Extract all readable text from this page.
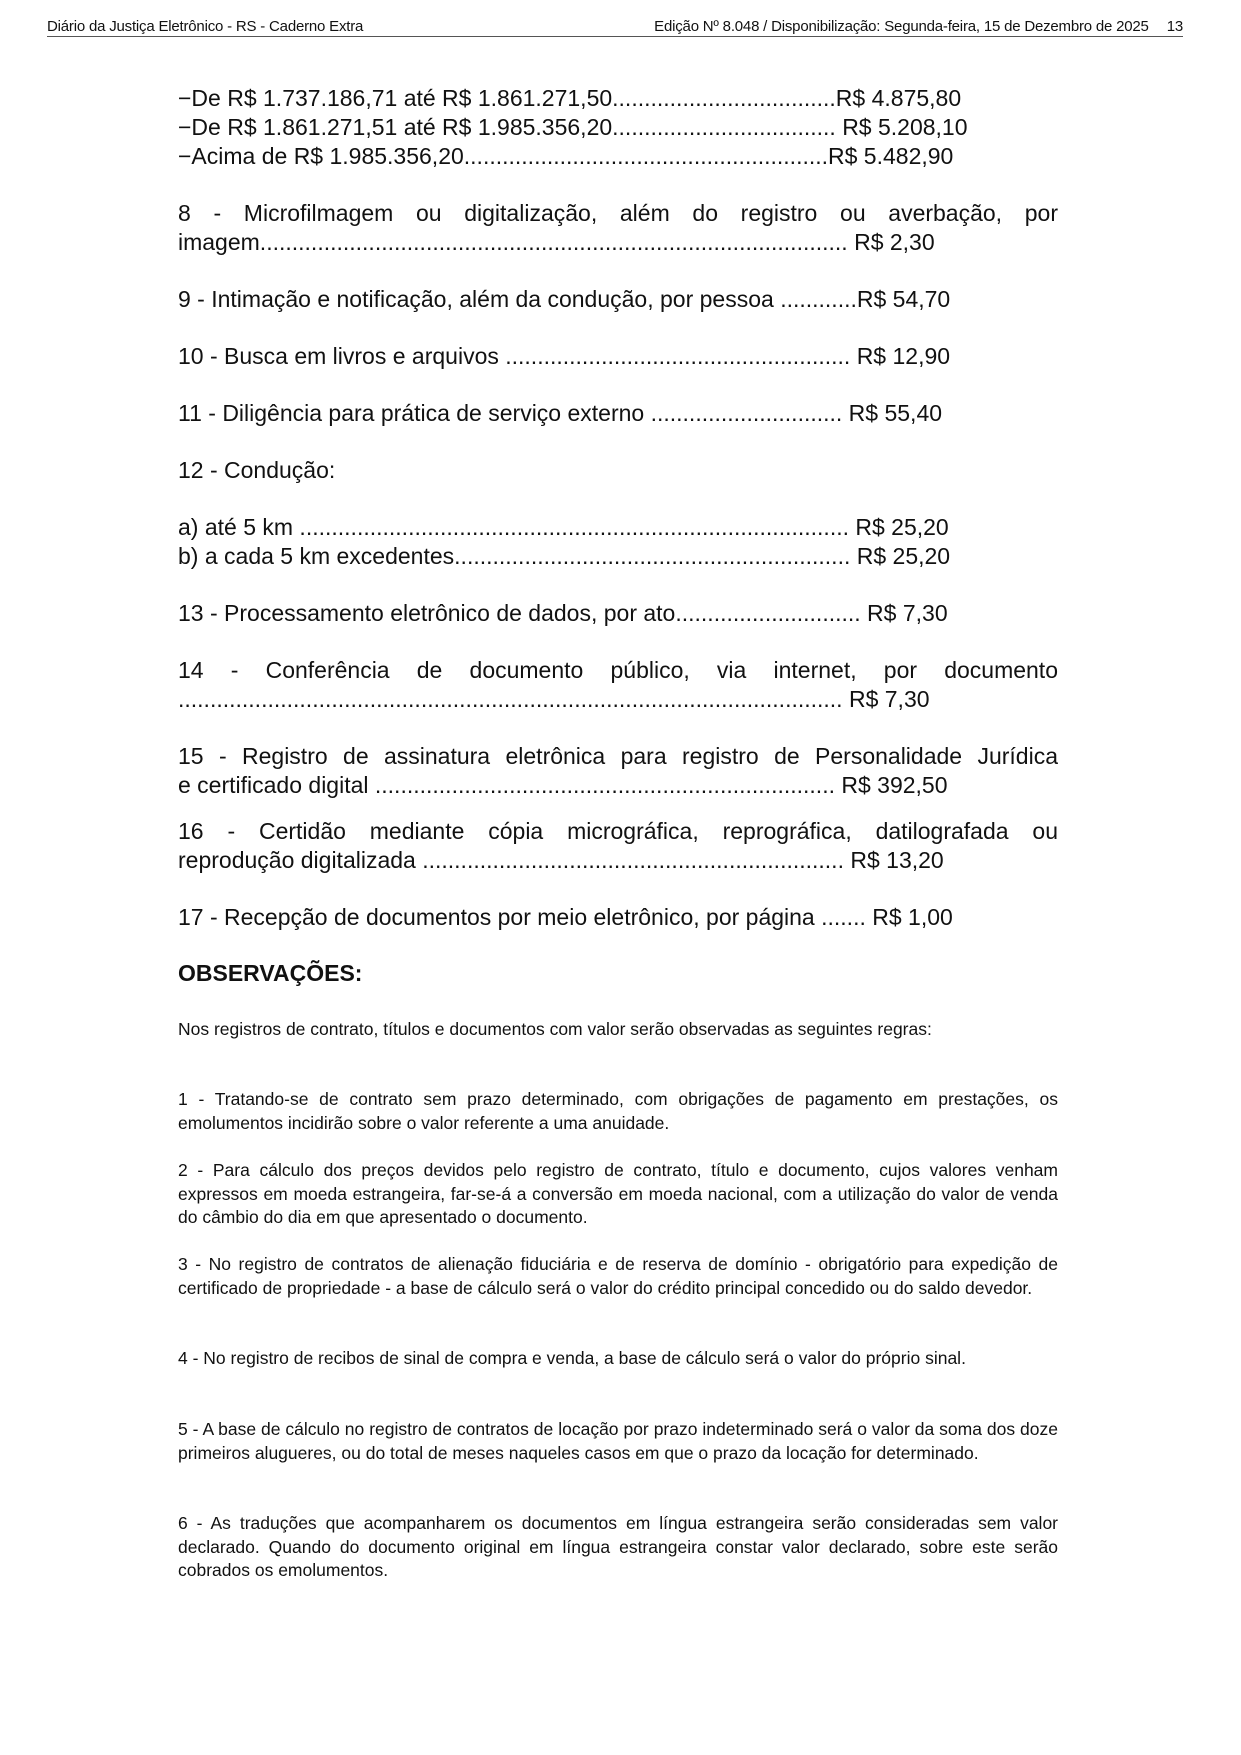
Diário da Justiça Eletrônico - RS - Caderno Extra	Edição Nº 8.048 / Disponibilização: Segunda-feira, 15 de Dezembro de 2025 13
−De R$ 1.737.186,71 até R$ 1.861.271,50...................................R$ 4.875,80
−De R$ 1.861.271,51 até R$ 1.985.356,20................................... R$ 5.208,10
−Acima de R$ 1.985.356,20.........................................................R$ 5.482,90
8 - Microfilmagem ou digitalização, além do registro ou averbação, por
imagem............................................................................................ R$ 2,30
9 - Intimação e notificação, além da condução, por pessoa ............R$ 54,70
10 - Busca em livros e arquivos ...................................................... R$ 12,90
11 - Diligência para prática de serviço externo .............................. R$ 55,40
12 - Condução:
a) até 5 km ...................................................................................... R$ 25,20
b) a cada 5 km excedentes.............................................................. R$ 25,20
13 - Processamento eletrônico de dados, por ato............................. R$ 7,30
14 - Conferência de documento público, via internet, por documento
........................................................................................................ R$ 7,30
15 - Registro de assinatura eletrônica para registro de Personalidade Jurídica
e certificado digital ........................................................................ R$ 392,50
16 - Certidão mediante cópia micrográfica, reprográfica, datilografada ou
reprodução digitalizada .................................................................. R$ 13,20
17 - Recepção de documentos por meio eletrônico, por página ....... R$ 1,00
OBSERVAÇÕES:
Nos registros de contrato, títulos e documentos com valor serão observadas as seguintes regras:
1 - Tratando-se de contrato sem prazo determinado, com obrigações de pagamento em prestações, os emolumentos incidirão sobre o valor referente a uma anuidade.
2 - Para cálculo dos preços devidos pelo registro de contrato, título e documento, cujos valores venham expressos em moeda estrangeira, far-se-á a conversão em moeda nacional, com a utilização do valor de venda do câmbio do dia em que apresentado o documento.
3 - No registro de contratos de alienação fiduciária e de reserva de domínio - obrigatório para expedição de certificado de propriedade - a base de cálculo será o valor do crédito principal concedido ou do saldo devedor.
4 - No registro de recibos de sinal de compra e venda, a base de cálculo será o valor do próprio sinal.
5 - A base de cálculo no registro de contratos de locação por prazo indeterminado será o valor da soma dos doze primeiros alugueres, ou do total de meses naqueles casos em que o prazo da locação for determinado.
6 - As traduções que acompanharem os documentos em língua estrangeira serão consideradas sem valor declarado. Quando do documento original em língua estrangeira constar valor declarado, sobre este serão cobrados os emolumentos.
